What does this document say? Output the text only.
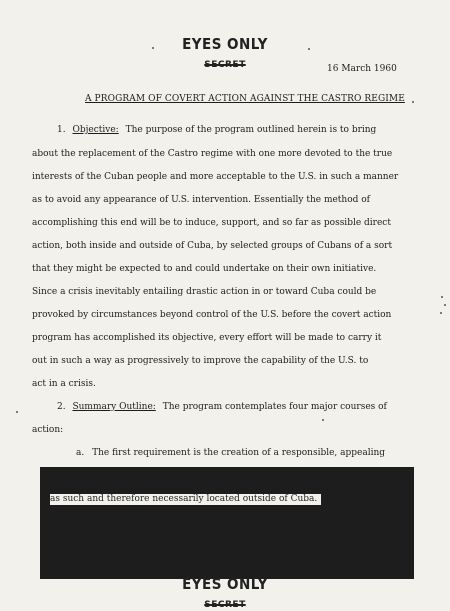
EYES ONLY
SECRET	16 March 1960
A PROGRAM OF COVERT ACTION AGAINST THE CASTRO REGIME
1. Objective: The purpose of the program outlined herein is to bring
about the replacement of the Castro regime with one more devoted to the true
interests of the Cuban people and more acceptable to the U.S. in such a manner
as to avoid any appearance of U.S. intervention. Essentially the method of
accomplishing this end will be to induce, support, and so far as possible direct
action, both inside and outside of Cuba, by selected groups of Cubans of a sort
that they might be expected to and could undertake on their own initiative.
Since a crisis inevitably entailing drastic action in or toward Cuba could be
provoked by circumstances beyond control of the U.S. before the covert action
program has accomplished its objective, every effort will be made to carry it
out in such a way as progressively to improve the capability of the U.S. to
act in a crisis.
2. Summary Outline: The program contemplates four major courses of
action:
a. The first requirement is the creation of a responsible, appealing
as such and therefore necessarily located outside of Cuba.
EYES ONLY
SECRET
